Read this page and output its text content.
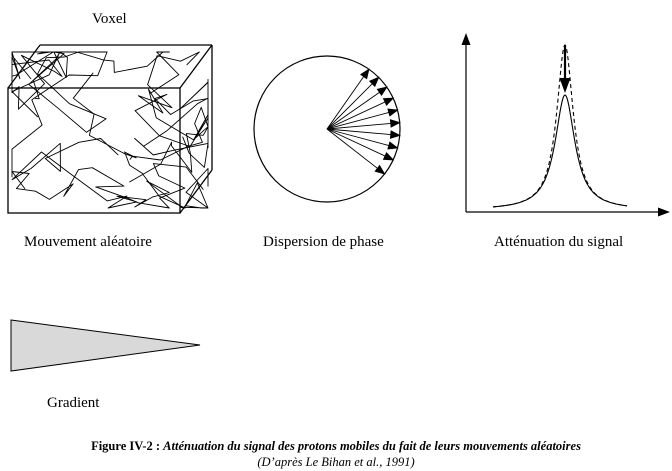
Voxel
Mouvement aléatoire	Dispersion de phase	Atténuation du signal
Gradient
Figure IV-2 : Atténuation du signal des protons mobiles du fait de leurs mouvements aléatoires
(D’après Le Bihan et al., 1991)
